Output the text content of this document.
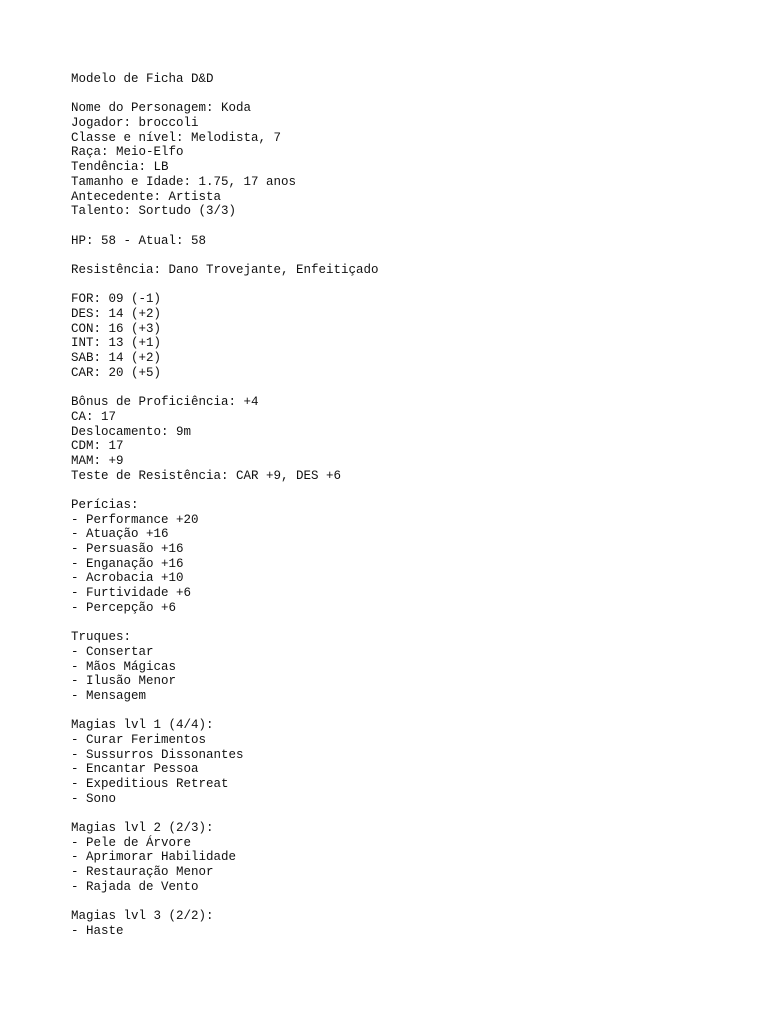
Modelo de Ficha D&D
Nome do Personagem: Koda
Jogador: broccoli
Classe e nível: Melodista, 7
Raça: Meio-Elfo
Tendência: LB
Tamanho e Idade: 1.75, 17 anos
Antecedente: Artista
Talento: Sortudo (3/3)
HP: 58 - Atual: 58
Resistência: Dano Trovejante, Enfeitiçado
FOR: 09 (-1)
DES: 14 (+2)
CON: 16 (+3)
INT: 13 (+1)
SAB: 14 (+2)
CAR: 20 (+5)
Bônus de Proficiência: +4
CA: 17
Deslocamento: 9m
CDM: 17
MAM: +9
Teste de Resistência: CAR +9, DES +6
Perícias:
- Performance +20
- Atuação +16
- Persuasão +16
- Enganação +16
- Acrobacia +10
- Furtividade +6
- Percepção +6
Truques:
- Consertar
- Mãos Mágicas
- Ilusão Menor
- Mensagem
Magias lvl 1 (4/4):
- Curar Ferimentos
- Sussurros Dissonantes
- Encantar Pessoa
- Expeditious Retreat
- Sono
Magias lvl 2 (2/3):
- Pele de Árvore
- Aprimorar Habilidade
- Restauração Menor
- Rajada de Vento
Magias lvl 3 (2/2):
- Haste
